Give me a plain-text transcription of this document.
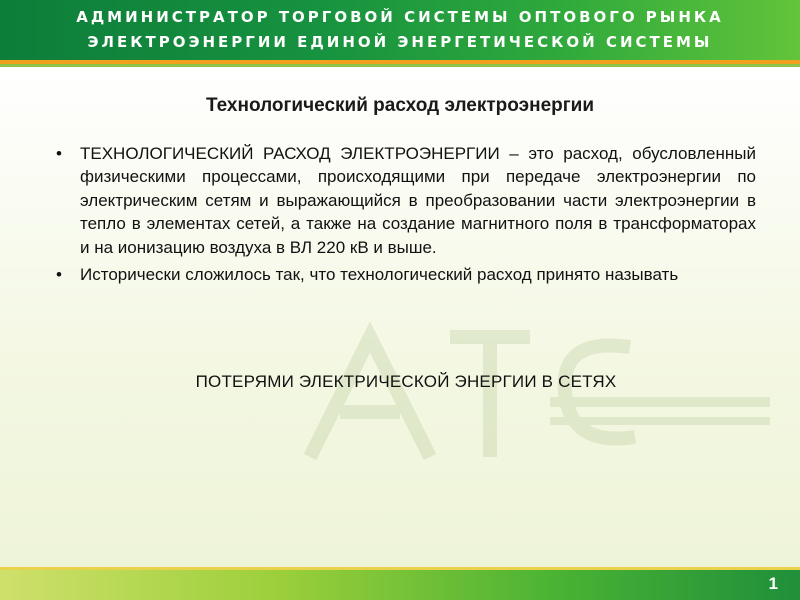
АДМИНИСТРАТОР ТОРГОВОЙ СИСТЕМЫ ОПТОВОГО РЫНКА
ЭЛЕКТРОЭНЕРГИИ ЕДИНОЙ ЭНЕРГЕТИЧЕСКОЙ СИСТЕМЫ
Технологический расход электроэнергии
• ТЕХНОЛОГИЧЕСКИЙ РАСХОД ЭЛЕКТРОЭНЕРГИИ – это расход, обусловленный физическими процессами, происходящими при передаче электроэнергии по электрическим сетям и выражающийся в преобразовании части электроэнергии в тепло в элементах сетей, а также на создание магнитного поля в трансформаторах и на ионизацию воздуха в ВЛ 220 кВ и выше.
• Исторически сложилось так, что технологический расход принято называть
ПОТЕРЯМИ ЭЛЕКТРИЧЕСКОЙ ЭНЕРГИИ В СЕТЯХ
1
